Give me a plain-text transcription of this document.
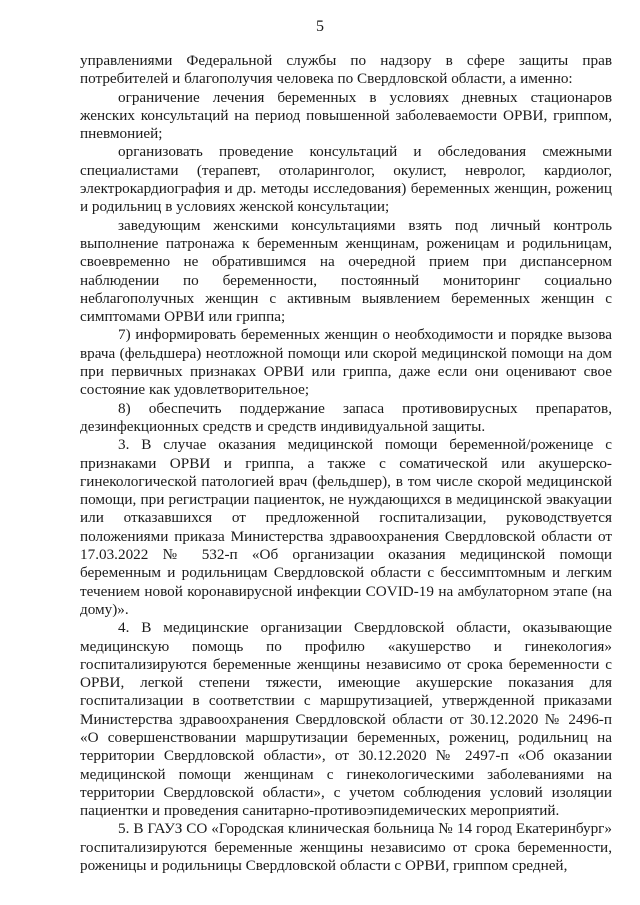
5

управлениями Федеральной службы по надзору в сфере защиты прав потребителей и благополучия человека по Свердловской области, а именно:

ограничение лечения беременных в условиях дневных стационаров женских консультаций на период повышенной заболеваемости ОРВИ, гриппом, пневмонией;

организовать проведение консультаций и обследования смежными специалистами (терапевт, отоларинголог, окулист, невролог, кардиолог, электрокардиография и др. методы исследования) беременных женщин, рожениц и родильниц в условиях женской консультации;

заведующим женскими консультациями взять под личный контроль выполнение патронажа к беременным женщинам, роженицам и родильницам, своевременно не обратившимся на очередной прием при диспансерном наблюдении по беременности, постоянный мониторинг социально неблагополучных женщин с активным выявлением беременных женщин с симптомами ОРВИ или гриппа;

7) информировать беременных женщин о необходимости и порядке вызова врача (фельдшера) неотложной помощи или скорой медицинской помощи на дом при первичных признаках ОРВИ или гриппа, даже если они оценивают свое состояние как удовлетворительное;

8) обеспечить поддержание запаса противовирусных препаратов, дезинфекционных средств и средств индивидуальной защиты.

3. В случае оказания медицинской помощи беременной/роженице с признаками ОРВИ и гриппа, а также с соматической или акушерско-гинекологической патологией врач (фельдшер), в том числе скорой медицинской помощи, при регистрации пациенток, не нуждающихся в медицинской эвакуации или отказавшихся от предложенной госпитализации, руководствуется положениями приказа Министерства здравоохранения Свердловской области от 17.03.2022 № 532-п «Об организации оказания медицинской помощи беременным и родильницам Свердловской области с бессимптомным и легким течением новой коронавирусной инфекции COVID-19 на амбулаторном этапе (на дому)».

4. В медицинские организации Свердловской области, оказывающие медицинскую помощь по профилю «акушерство и гинекология» госпитализируются беременные женщины независимо от срока беременности с ОРВИ, легкой степени тяжести, имеющие акушерские показания для госпитализации в соответствии с маршрутизацией, утвержденной приказами Министерства здравоохранения Свердловской области от 30.12.2020 № 2496-п «О совершенствовании маршрутизации беременных, рожениц, родильниц на территории Свердловской области», от 30.12.2020 № 2497-п «Об оказании медицинской помощи женщинам с гинекологическими заболеваниями на территории Свердловской области», с учетом соблюдения условий изоляции пациентки и проведения санитарно-противоэпидемических мероприятий.

5. В ГАУЗ СО «Городская клиническая больница № 14 город Екатеринбург» госпитализируются беременные женщины независимо от срока беременности, роженицы и родильницы Свердловской области с ОРВИ, гриппом средней,
